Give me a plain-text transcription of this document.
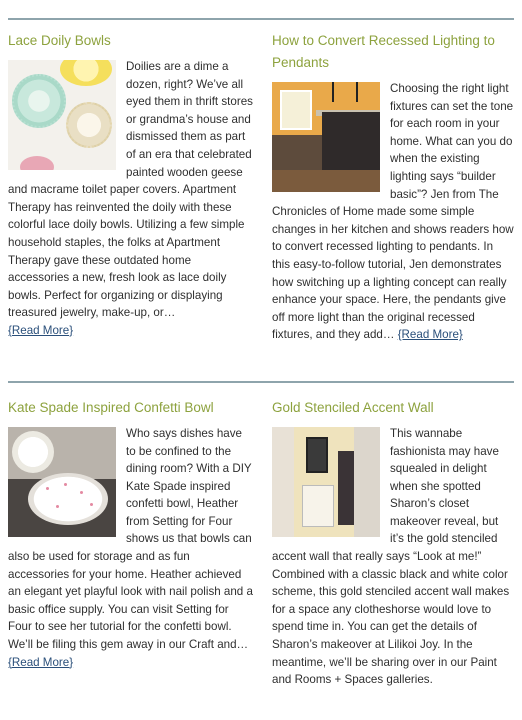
Lace Doily Bowls

Doilies are a dime a dozen, right? We’ve all eyed them in thrift stores or grandma’s house and dismissed them as part of an era that celebrated painted wooden geese and macrame toilet paper covers. Apartment Therapy has reinvented the doily with these colorful lace doily bowls. Utilizing a few simple household staples, the folks at Apartment Therapy gave these outdated home accessories a new, fresh look as lace doily bowls. Perfect for organizing or displaying treasured jewelry, make-up, or…
{Read More}

How to Convert Recessed Lighting to Pendants

Choosing the right light fixtures can set the tone for each room in your home. What can you do when the existing lighting says “builder basic”? Jen from The Chronicles of Home made some simple changes in her kitchen and shows readers how to convert recessed lighting to pendants. In this easy-to-follow tutorial, Jen demonstrates how switching up a lighting concept can really enhance your space. Here, the pendants give off more light than the original recessed fixtures, and they add… {Read More}

Kate Spade Inspired Confetti Bowl

Who says dishes have to be confined to the dining room? With a DIY Kate Spade inspired confetti bowl, Heather from Setting for Four shows us that bowls can also be used for storage and as fun accessories for your home. Heather achieved an elegant yet playful look with nail polish and a basic office supply. You can visit Setting for Four to see her tutorial for the confetti bowl. We’ll be filing this gem away in our Craft and…
{Read More}

Gold Stenciled Accent Wall

This wannabe fashionista may have squealed in delight when she spotted Sharon’s closet makeover reveal, but it’s the gold stenciled accent wall that really says “Look at me!” Combined with a classic black and white color scheme, this gold stenciled accent wall makes for a space any clotheshorse would love to spend time in. You can get the details of Sharon’s makeover at Lilikoi Joy. In the meantime, we’ll be sharing over in our Paint and Rooms + Spaces galleries.
